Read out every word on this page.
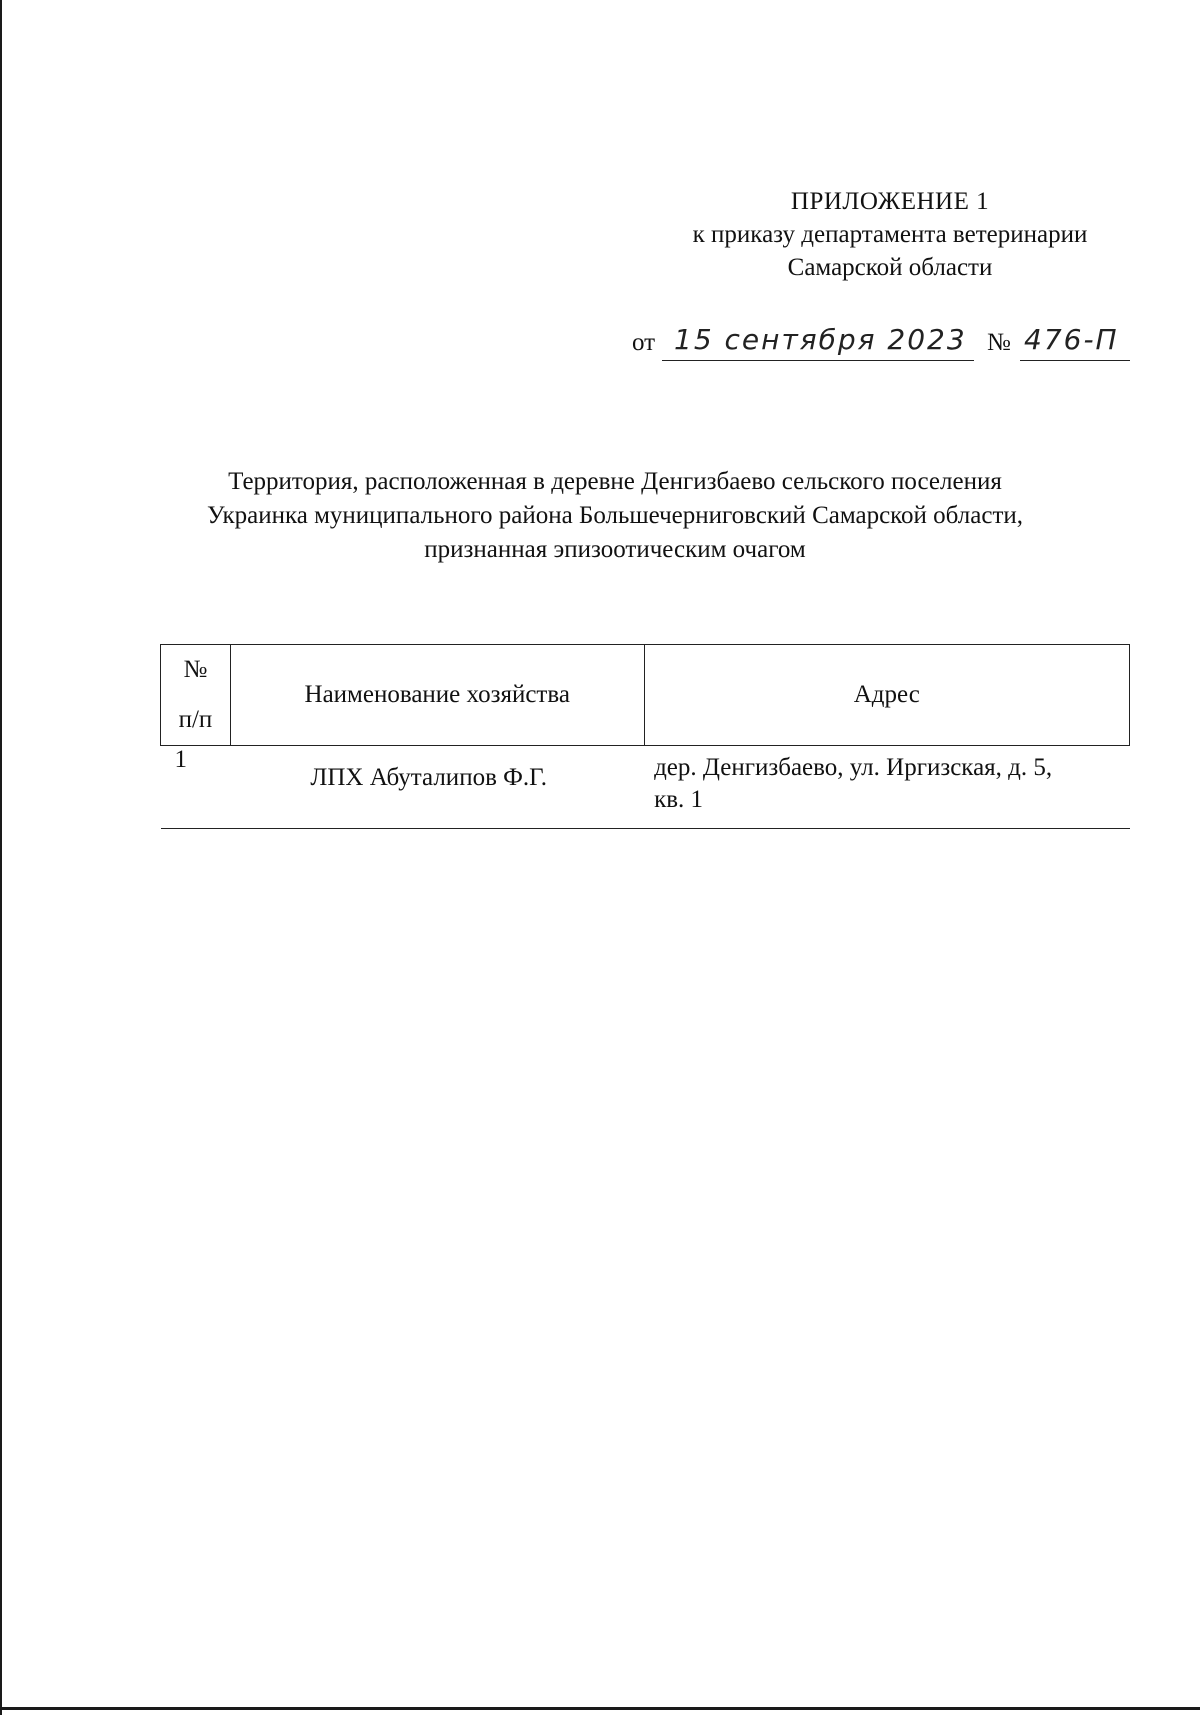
ПРИЛОЖЕНИЕ 1
к приказу департамента ветеринарии
Самарской области
от 15 сентября 2023 № 476-П
Территория, расположенная в деревне Денгизбаево сельского поселения
Украинка муниципального района Большечерниговский Самарской области,
признанная эпизоотическим очагом
№
п/п	Наименование хозяйства	Адрес
1	ЛПХ Абуталипов Ф.Г.	дер. Денгизбаево, ул. Иргизская, д. 5,
кв. 1
